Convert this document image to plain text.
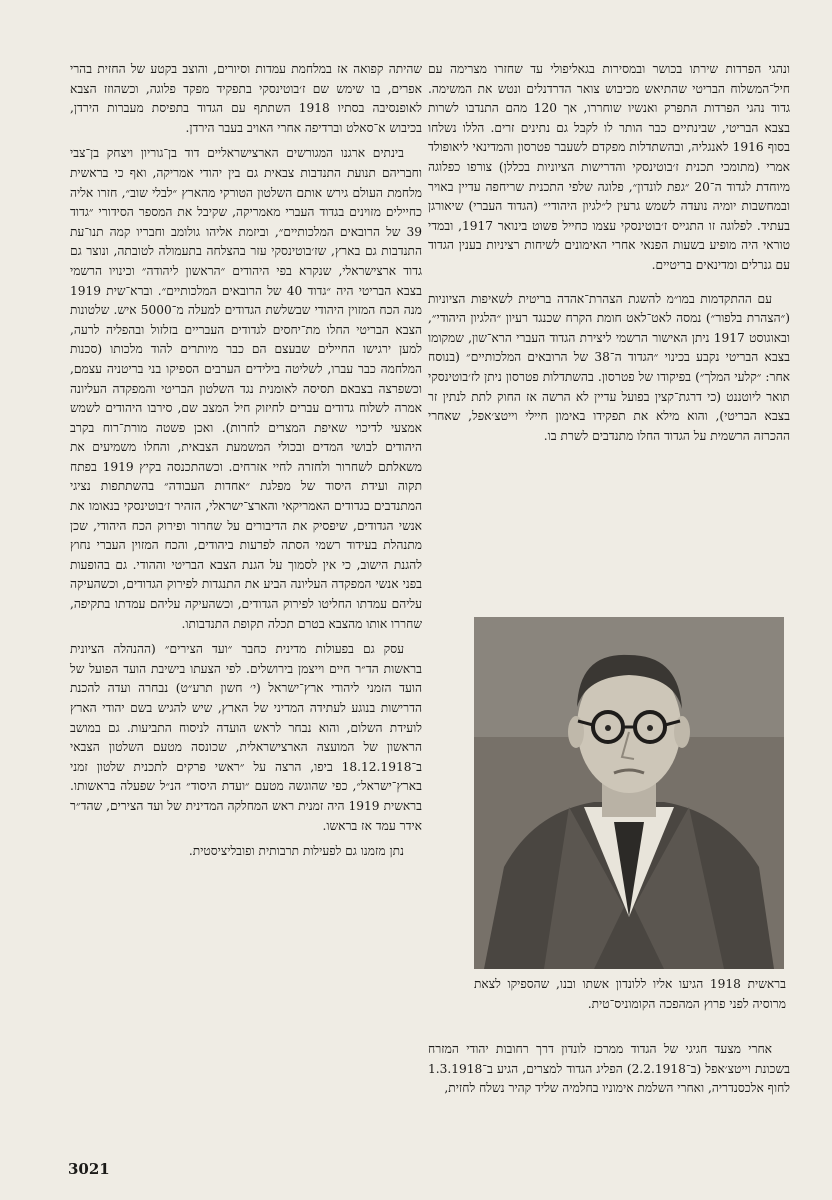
ונהגי הפרדות שירתו בכושר ובמסירות בגאליפולי עד שחזרו מצרימה עם חיל־המשלוח הבריטי שהתיאש מכיבוש צואר הדרדנלים ונטש את המשימה. גדוד נהגי הפרדות התפרק ואנשיו שוחררו, אך 120 מהם התנדבו לשרות בצבא הבריטי, שבינתיים כבר הותר לו לקבל גם נתינים זרים. הללו נשלחו בסוף 1916 לאנגליה, ובהשתדלות מפקדם לשעבר פטרסון והמדינאי ליאופולד אמרי (מתומכי תכנית ז׳בוטינסקי והדרישות הציוניות בכללן) צורפו כפלוגה מיוחדת לגדוד ה־20 ״גפת לונדון״, פלוגה שלפי התכנית שריחפה עדיין באויר ובמחשבות יומיה נועדה לשמש גרעין ל״לגיון היהודי״ (הגדוד העברי) שיאורגן בעתיד. לפלוגה זו התגייס ז׳בוטינסקי עצמו כחייל פשוט בינואר 1917, ובמדי טוראי היה מופיע בשעות הפנאי אחרי האימונים לשיחות רציניות בענין הגדוד עם גנרלים ומדינאים בריטיים.

עם ההתקדמות במו״מ להשגת הצהרת־אהדה בריטית לשאיפות הציוניות (״הצהרת בלפור״) נמסה לאט־לאט חומת הקרח שכנגד רעיון ״הלגיון היהודי״, ובאוגוסט 1917 ניתן האישור הרשמי ליצירת הגדוד העברי הרא־שון, שמקומו בצבא הבריטי נקבע בכינוי ״הגדוד ה־38 של הרובאים המלכותיים״ (בנוסח אחר: ״קלעי המלך״) בפיקודו של פטרסון. בהשתדלות פטרסון ניתן לז׳בוטינסקי תואר ליוטננט (כי דרגת־קצין בפועל עדיין לא הרשה אז החוק לתת לנתין זר בצבא הבריטי), והוא מילא את תפקידו באימון חיילי וייטצ׳אפל, שאחרי ההכרזה הרשמית על הגדוד החלו מתנדבים לשרת בו.

בראשית 1918 הגיעו אליו ללונדון אשתו ובנו, שהספיקו לצאת מרוסיה לפני פרוץ המהפכה הקומוניס־טית.

אחרי מצעד חגיגי של הגדוד ממרכז לונדון דרך רחובות יהודי המזרח בשכונת וייטצ׳אפל (ב־2.2.1918) הפליג הגדוד למצרים, הגיע ב־1.3.1918 לחוף אלכסנדריה, ואחרי השלמת אימוניו בחלמיה שליד קהיר נשלח לחזית,

שהיתה קפואה אז במלחמת עמדות וסיורים, והוצב בקטע של החזית בהרי אפרים, בו שימש שם ז׳בוטינסקי בתפקיד מפקד פלוגה, וכשהוזז הצבא לאופנסיבה בסתיו 1918 השתתף עם הגדוד בתפיסת מעברות הירדן, בכיבוש א־סאלט וברדיפה אחרי האויב בעבר הירדן.

בינתים ארגנו המגורשים הארצישראליים דוד בן־גוריון ויצחק בן־צבי וחבריהם תנועת התנדבות צבאית גם בין יהודי אמריקה, ואף כי בראשית מלחמת העולם גירש אותם השלטון הטורקי מהארץ ״לבלי שוב״, חזרו אליה כחיילים מזוינים בגדוד העברי מאמריקה, שקיבל את המספר הסידורי ״גדוד 39 של הרובאים המלכותיים״, וביזמת אליהו גולומב וחבריו קמה תנו־עת התנדבות גם בארץ, שז׳בוטינסקי עזר בהצלחה בתעמולה לטובתה, ונוצר גם גדוד ארצישראלי, שנקרא בפי היהודים ״הראשון ליהודה״ וכינויו הרשמי בצבא הבריטי היה ״גדוד 40 של הרובאים המלכותיים״. וברא־שית 1919 מנה הכח המזוין היהודי שבשלשת הגדודים למעלה מ־5000 איש. שלטונות הצבא הבריטי החלו מת־יחסים לגדודים העבריים בזלזול ובהפליה לרעה, למען ירגישו החיילים שבעצם הם כבר מיותרים להוד מלכותו (סכנות המלחמה כבר עברו, לשליטה בילידים הערבים הספיקו בני בריטניה עצמם, וכשפרצה בצבאם תסיסה לאומנית נגד השלטון הבריטי והמפקדה העליונה אמרה לשלוח גדודים עברים לחיזוק חיל המצב שם, סירבו היהודים לשמש אמצעי לדיכוי שאיפת המצרים לחרות). ואכן פשטה מורת־רוח בקרב היהודים לבושי המדים ובכולי המשמעת הצבאית, והחלו משמיעים את משאלתם לשחרור ולחזרה לחיי אזרחים. וכשהתכנסה בקיץ 1919 בפתח תקוה ועידת היסוד של מפלגת ״אחדות העבודה״ בהשתתפות נציגי המתנדבים בגדודים האמריקאי והארצ־ישראלי, הזהיר ז׳בוטינסקי בנאומו את אנשי הגדודים, שיפסיק את הדיבורים על שחרור ופירוק הכח היהודי, שכן מתנהלת בעידוד רשמי הסתה לפרעות ביהודים, והכח המזוין העברי נחוץ להגנת הישוב, כי אין לסמוך על הגנת הצבא הבריטי וההודי. גם בהופעות בפני אנשי המפקדה העליונה הביע את התנגדות לפירוק הגדודים, וכשהעיקה עליהם עמדתו החליטו לפירוק הגדודים, וכשהעיקה עליהם עמדתו בתקיפה, שחררו אותו מהצבא בטרם תכלה תקופת התנדבותו.

עסק גם בפעולות מדינית כחבר ״ועד הצירים״ (ההנהלה הציונית בראשות הד״ר חיים וייצמן בירושלים. לפי הצעתו בישיבת הועד הפועל של הועד הזמני ליהודי ארץ־ישראל (י׳ חשון תרע״ט) נבחרה ועדה להכנת הדרישות בנוגע לעתידה המדיני של הארץ, שיש להגיש בשם יהודי הארץ לועידת השלום, והוא נבחר לראש הועדה לניסוח התביעות. גם במושב הראשון של המועצה הארצישראלית, שכונסה מטעם השלטון הצבאי ב־18.12.1918 ביפו, הרצה על ״ראשי פרקים לתכנית שלטון זמני בארץ־ישראל״, כפי שהוגשה מטעם ״ועדת היסוד״ הנ״ל שפעלה בראשותו. בראשית 1919 היה זמנית ראש המחלקה המדינית של ועד הצירים, שהד״ר אידר עמד אז בראשו.

נתן מזמנו גם לפעילות תרבותית ופובליציסטית.

3021
